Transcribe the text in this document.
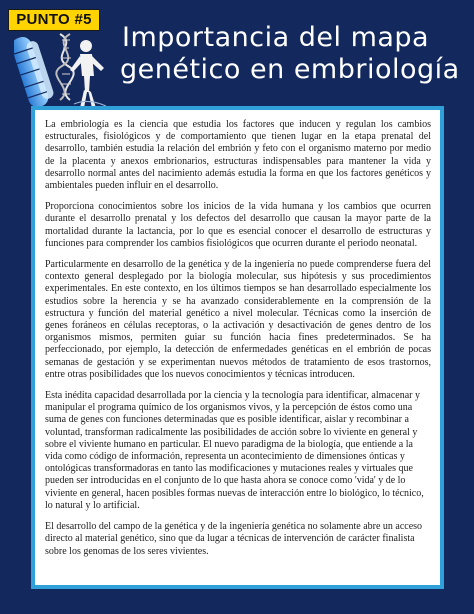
PUNTO #5
Importancia del mapa
genético en embriología

La embriología es la ciencia que estudia los factores que inducen y regulan los cambios estructurales, fisiológicos y de comportamiento que tienen lugar en la etapa prenatal del desarrollo, también estudia la relación del embrión y feto con el organismo materno por medio de la placenta y anexos embrionarios, estructuras indispensables para mantener la vida y desarrollo normal antes del nacimiento además estudia la forma en que los factores genéticos y ambientales pueden influir en el desarrollo.

Proporciona conocimientos sobre los inicios de la vida humana y los cambios que ocurren durante el desarrollo prenatal y los defectos del desarrollo que causan la mayor parte de la mortalidad durante la lactancia, por lo que es esencial conocer el desarrollo de estructuras y funciones para comprender los cambios fisiológicos que ocurren durante el periodo neonatal.

Particularmente en desarrollo de la genética y de la ingeniería no puede comprenderse fuera del contexto general desplegado por la biología molecular, sus hipótesis y sus procedimientos experimentales. En este contexto, en los últimos tiempos se han desarrollado especialmente los estudios sobre la herencia y se ha avanzado considerablemente en la comprensión de la estructura y función del material genético a nivel molecular. Técnicas como la inserción de genes foráneos en células receptoras, o la activación y desactivación de genes dentro de los organismos mismos, permiten guiar su función hacia fines predeterminados. Se ha perfeccionado, por ejemplo, la detección de enfermedades genéticas en el embrión de pocas semanas de gestación y se experimentan nuevos métodos de tratamiento de esos trastornos, entre otras posibilidades que los nuevos conocimientos y técnicas introducen.

Esta inédita capacidad desarrollada por la ciencia y la tecnología para identificar, almacenar y manipular el programa químico de los organismos vivos, y la percepción de éstos como una suma de genes con funciones determinadas que es posible identificar, aislar y recombinar a voluntad, transforman radicalmente las posibilidades de acción sobre lo viviente en general y sobre el viviente humano en particular. El nuevo paradigma de la biología, que entiende a la vida como código de información, representa un acontecimiento de dimensiones ónticas y ontológicas transformadoras en tanto las modificaciones y mutaciones reales y virtuales que pueden ser introducidas en el conjunto de lo que hasta ahora se conoce como 'vida' y de lo viviente en general, hacen posibles formas nuevas de interacción entre lo biológico, lo técnico, lo natural y lo artificial.

El desarrollo del campo de la genética y de la ingeniería genética no solamente abre un acceso directo al material genético, sino que da lugar a técnicas de intervención de carácter finalista sobre los genomas de los seres vivientes.
